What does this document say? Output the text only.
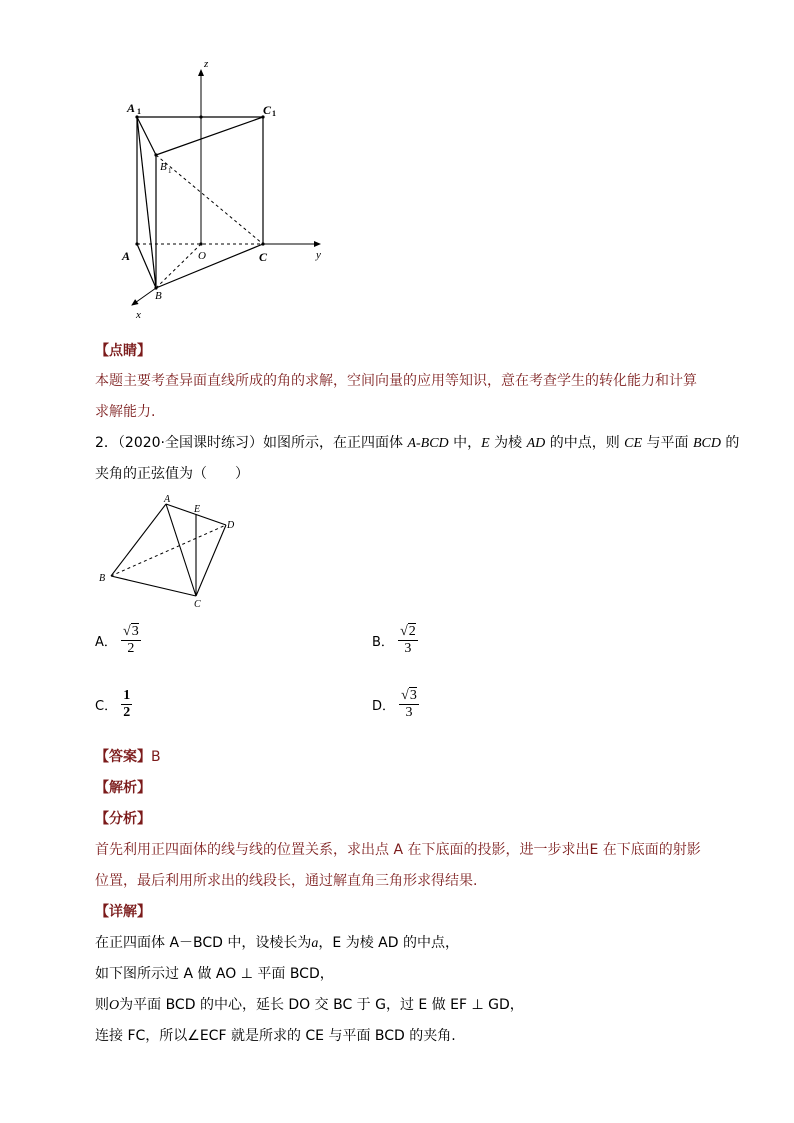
z
y
x
A 1	C 1
B 1
A	O	C
B
【点睛】
本题主要考查异面直线所成的角的求解，空间向量的应用等知识，意在考查学生的转化能力和计算
求解能力.
2．（2020·全国课时练习）如图所示，在正四面体 A-BCD 中，E 为棱 AD 的中点，则 CE 与平面 BCD 的
夹角的正弦值为（　　）
A
E
D
B
C
A． $\frac{√3}{2}$	B． $\frac{√2}{3}$
C． $\frac{1}{2}$	D． $\frac{√3}{3}$
【答案】B
【解析】
【分析】
首先利用正四面体的线与线的位置关系，求出点 A 在下底面的投影，进一步求出E 在下底面的射影
位置，最后利用所求出的线段长，通过解直角三角形求得结果.
【详解】
在正四面体 A－BCD 中，设棱长为a，E 为棱 AD 的中点，
如下图所示过 A 做 AO ⊥ 平面 BCD，
则O为平面 BCD 的中心，延长 DO 交 BC 于 G，过 E 做 EF ⊥ GD，
连接 FC，所以∠ECF 就是所求的 CE 与平面 BCD 的夹角.
